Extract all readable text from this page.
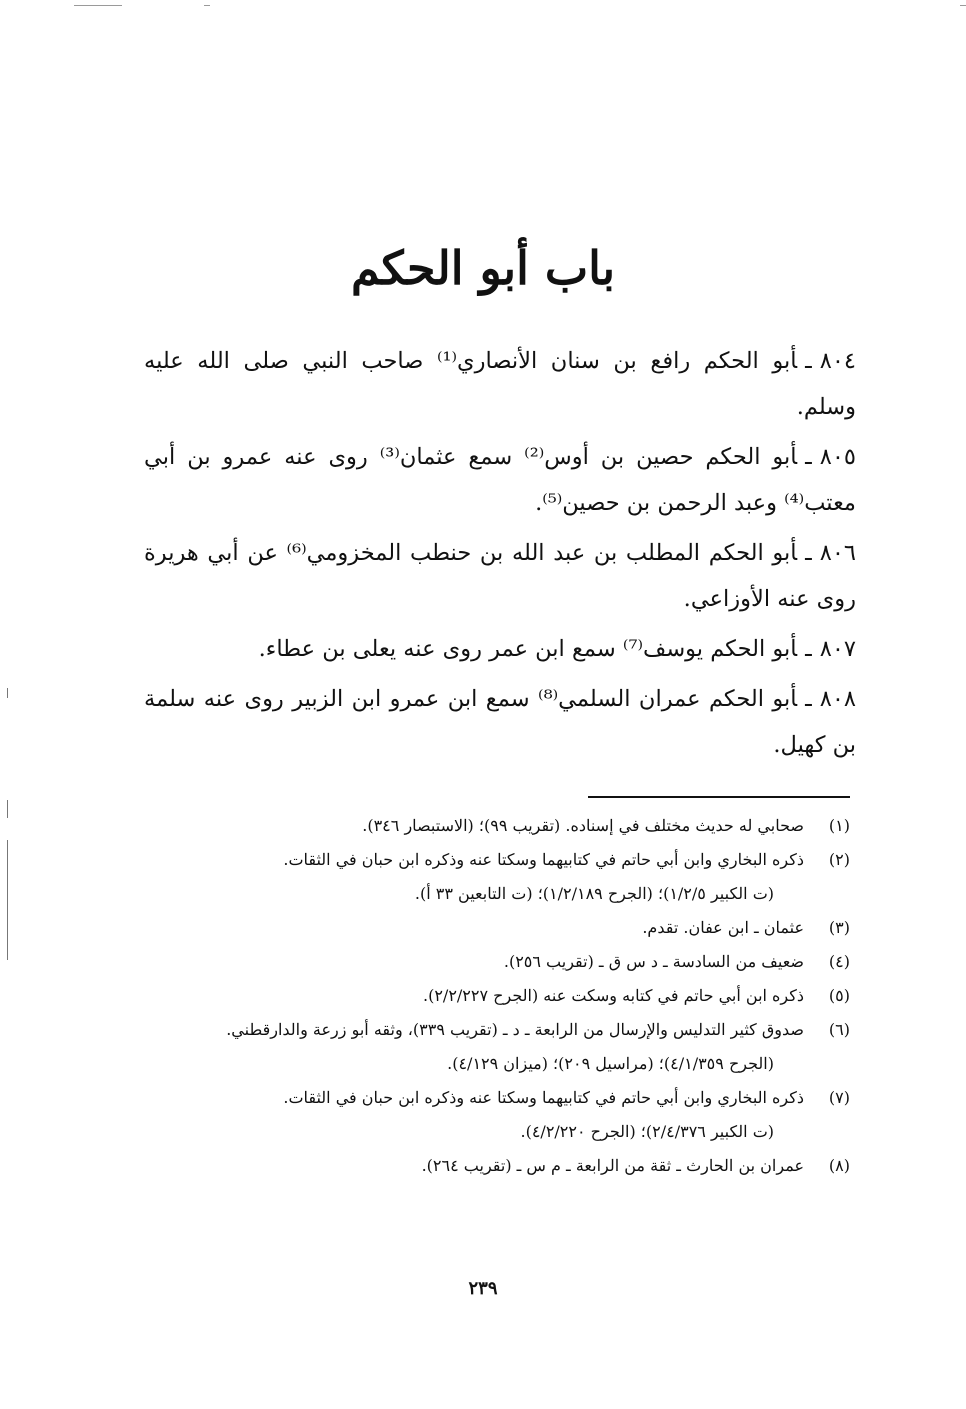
باب أبو الحكم
٨٠٤ـأبو الحكم رافع بن سنان الأنصاري⁽¹⁾ صاحب النبي صلى الله عليه وسلم.
٨٠٥ـأبو الحكم حصين بن أوس⁽²⁾ سمع عثمان⁽³⁾ روى عنه عمرو بن أبي معتب⁽⁴⁾ وعبد الرحمن بن حصين⁽⁵⁾.
٨٠٦ـأبو الحكم المطلب بن عبد الله بن حنطب المخزومي⁽⁶⁾ عن أبي هريرة روى عنه الأوزاعي.
٨٠٧ـأبو الحكم يوسف⁽⁷⁾ سمع ابن عمر روى عنه يعلى بن عطاء.
٨٠٨ـأبو الحكم عمران السلمي⁽⁸⁾ سمع ابن عمرو ابن الزبير روى عنه سلمة بن كهيل.
(١)
صحابي له حديث مختلف في إسناده. (تقريب ٩٩)؛ (الاستبصار ٣٤٦).
(٢)
ذكره البخاري وابن أبي حاتم في كتابيهما وسكتا عنه وذكره ابن حبان في الثقات.
(ت الكبير ١/٢/٥)؛ (الجرح ١/٢/١٨٩)؛ (ت التابعين ٣٣ أ).
(٣)
عثمان ـ ابن عفان. تقدم.
(٤)
ضعيف من السادسة ـ د س ق ـ (تقريب ٢٥٦).
(٥)
ذكره ابن أبي حاتم في كتابه وسكت عنه (الجرح ٢/٢/٢٢٧).
(٦)
صدوق كثير التدليس والإرسال من الرابعة ـ د ـ (تقريب ٣٣٩)، وثقه أبو زرعة والدارقطني.
(الجرح ٤/١/٣٥٩)؛ (مراسيل ٢٠٩)؛ (ميزان ٤/١٢٩).
(٧)
ذكره البخاري وابن أبي حاتم في كتابيهما وسكتا عنه وذكره ابن حبان في الثقات.
(ت الكبير ٢/٤/٣٧٦)؛ (الجرح ٤/٢/٢٢٠).
(٨)
عمران بن الحارث ـ ثقة من الرابعة ـ م س ـ (تقريب ٢٦٤).
٢٣٩
